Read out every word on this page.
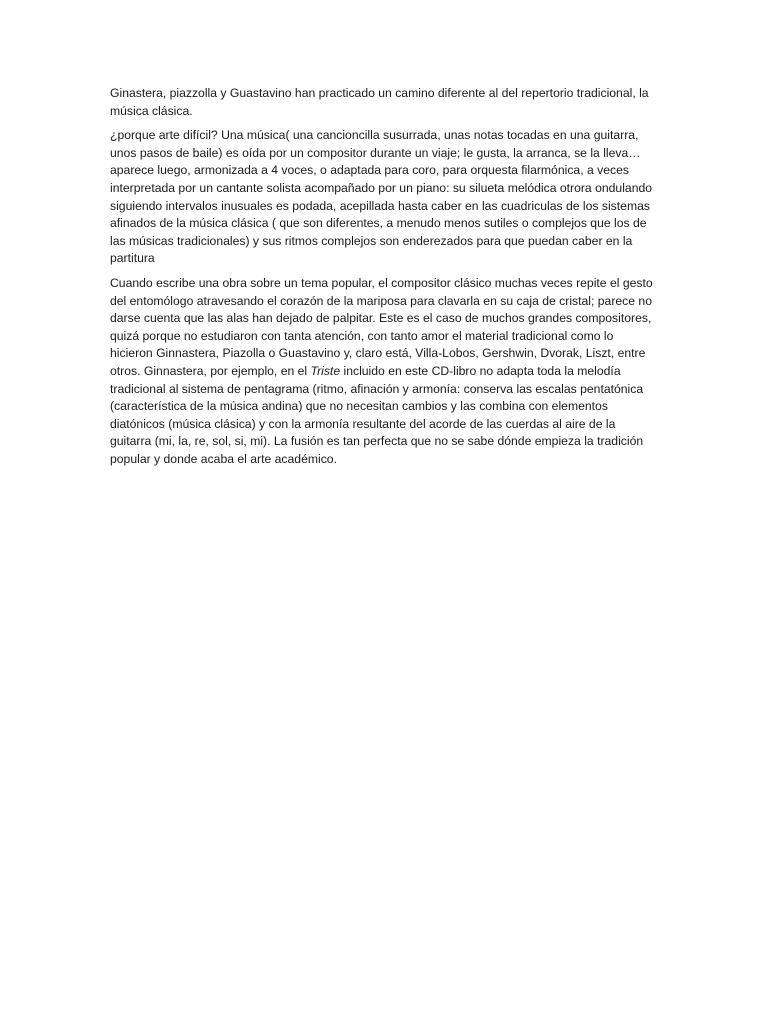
Ginastera, piazzolla y Guastavino han practicado un camino diferente al del repertorio tradicional, la música clásica.

¿porque arte difícil? Una música( una cancioncilla susurrada, unas notas tocadas en una guitarra, unos pasos de baile) es oída por un compositor durante un viaje; le gusta, la arranca, se la lleva… aparece luego, armonizada a 4 voces, o adaptada para coro, para orquesta filarmónica, a veces interpretada por un cantante solista acompañado por un piano: su silueta melódica otrora ondulando siguiendo intervalos inusuales es podada, acepillada hasta caber en las cuadriculas de los sistemas afinados de la música clásica ( que son diferentes, a menudo menos sutiles o complejos que los de las músicas tradicionales) y sus ritmos complejos son enderezados para que puedan caber en la partitura

Cuando escribe una obra sobre un tema popular, el compositor clásico muchas veces repite el gesto del entomólogo atravesando el corazón de la mariposa para clavarla en su caja de cristal; parece no darse cuenta que las alas han dejado de palpitar. Este es el caso de muchos grandes compositores, quizá porque no estudiaron con tanta atención, con tanto amor el material tradicional como lo hicieron Ginnastera, Piazolla o Guastavino y, claro está, Villa-Lobos, Gershwin, Dvorak, Liszt, entre otros. Ginnastera, por ejemplo, en el Triste incluido en este CD-libro no adapta toda la melodía tradicional al sistema de pentagrama (ritmo, afinación y armonía: conserva las escalas pentatónica (característica de la música andina) que no necesitan cambios y las combina con elementos diatónicos (música clásica) y con la armonía resultante del acorde de las cuerdas al aire de la guitarra (mi, la, re, sol, si, mi). La fusión es tan perfecta que no se sabe dónde empieza la tradición popular y donde acaba el arte académico.
